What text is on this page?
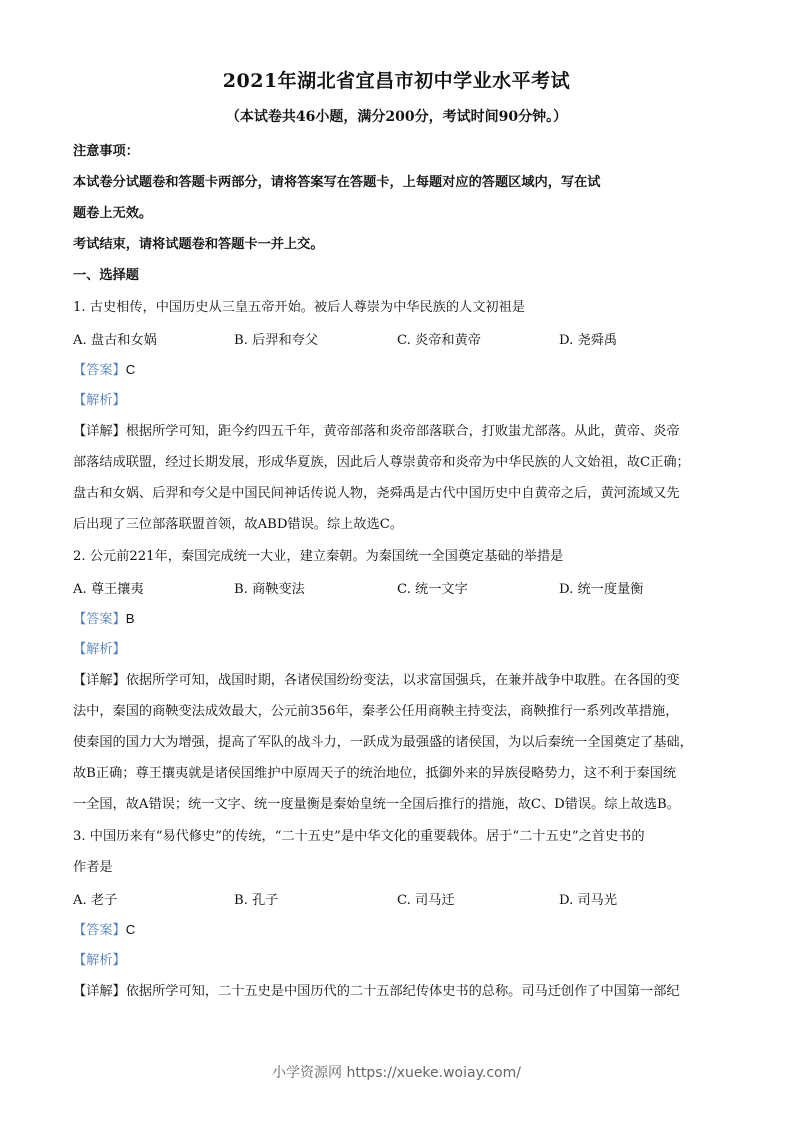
2021年湖北省宜昌市初中学业水平考试
（本试卷共46小题，满分200分，考试时间90分钟。）
注意事项：
本试卷分试题卷和答题卡两部分，请将答案写在答题卡，上每题对应的答题区域内，写在试
题卷上无效。
考试结束，请将试题卷和答题卡一并上交。
一、选择题
1. 古史相传，中国历史从三皇五帝开始。被后人尊崇为中华民族的人文初祖是
A. 盘古和女娲	B. 后羿和夸父	C. 炎帝和黄帝	D. 尧舜禹
【答案】C
【解析】
【详解】根据所学可知，距今约四五千年，黄帝部落和炎帝部落联合，打败蚩尤部落。从此，黄帝、炎帝
部落结成联盟，经过长期发展，形成华夏族，因此后人尊崇黄帝和炎帝为中华民族的人文始祖，故C正确；
盘古和女娲、后羿和夸父是中国民间神话传说人物，尧舜禹是古代中国历史中自黄帝之后，黄河流域又先
后出现了三位部落联盟首领，故ABD错误。综上故选C。
2. 公元前221年，秦国完成统一大业，建立秦朝。为秦国统一全国奠定基础的举措是
A. 尊王攘夷	B. 商鞅变法	C. 统一文字	D. 统一度量衡
【答案】B
【解析】
【详解】依据所学可知，战国时期，各诸侯国纷纷变法，以求富国强兵，在兼并战争中取胜。在各国的变
法中，秦国的商鞅变法成效最大，公元前356年，秦孝公任用商鞅主持变法，商鞅推行一系列改革措施，
使秦国的国力大为增强，提高了军队的战斗力，一跃成为最强盛的诸侯国，为以后秦统一全国奠定了基础，
故B正确；尊王攘夷就是诸侯国维护中原周天子的统治地位，抵御外来的异族侵略势力，这不利于秦国统
一全国，故A错误；统一文字、统一度量衡是秦始皇统一全国后推行的措施，故C、D错误。综上故选B。
3. 中国历来有“易代修史”的传统，“二十五史”是中华文化的重要载体。居于“二十五史”之首史书的
作者是
A. 老子	B. 孔子	C. 司马迁	D. 司马光
【答案】C
【解析】
【详解】依据所学可知，二十五史是中国历代的二十五部纪传体史书的总称。司马迁创作了中国第一部纪
小学资源网 https://xueke.woiay.com/
